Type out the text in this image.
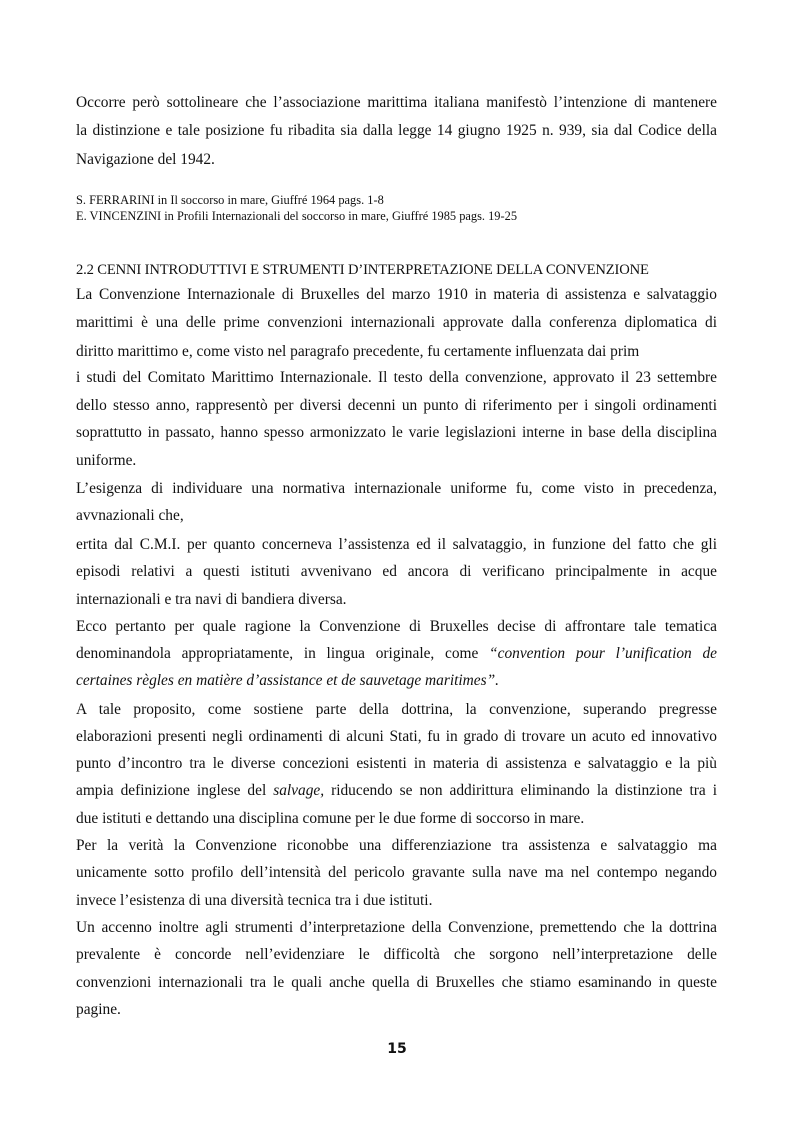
Occorre però sottolineare che l’associazione marittima italiana manifestò l’intenzione di mantenere
la distinzione e tale posizione fu ribadita sia dalla legge 14 giugno 1925 n. 939, sia dal Codice della
Navigazione del 1942.
S. FERRARINI in Il soccorso in mare, Giuffré 1964 pags. 1-8
E. VINCENZINI in Profili Internazionali del soccorso in mare, Giuffré 1985 pags. 19-25
2.2 CENNI INTRODUTTIVI E STRUMENTI D’INTERPRETAZIONE DELLA CONVENZIONE
La Convenzione Internazionale di Bruxelles del marzo 1910 in materia di assistenza e salvataggio
marittimi è una delle prime convenzioni internazionali approvate dalla conferenza diplomatica di
diritto marittimo e, come visto nel paragrafo precedente, fu certamente influenzata dai prim
i studi del Comitato Marittimo Internazionale. Il testo della convenzione, approvato il 23 settembre
dello stesso anno, rappresentò per diversi decenni un punto di riferimento per i singoli ordinamenti
soprattutto in passato, hanno spesso armonizzato le varie legislazioni interne in base della disciplina
uniforme.
L’esigenza di individuare una normativa internazionale uniforme fu, come visto in precedenza,
avvnazionali che,
ertita dal C.M.I. per quanto concerneva l’assistenza ed il salvataggio, in funzione del fatto che gli
episodi relativi a questi istituti avvenivano ed ancora di verificano principalmente in acque
internazionali e tra navi di bandiera diversa.
Ecco pertanto per quale ragione la Convenzione di Bruxelles decise di affrontare tale tematica
denominandola appropriatamente, in lingua originale, come “convention pour l’unification de
certaines règles en matière d’assistance et de sauvetage maritimes”.
A tale proposito, come sostiene parte della dottrina, la convenzione, superando pregresse
elaborazioni presenti negli ordinamenti di alcuni Stati, fu in grado di trovare un acuto ed innovativo
punto d’incontro tra le diverse concezioni esistenti in materia di assistenza e salvataggio e la più
ampia definizione inglese del salvage, riducendo se non addirittura eliminando la distinzione tra i
due istituti e dettando una disciplina comune per le due forme di soccorso in mare.
Per la verità la Convenzione riconobbe una differenziazione tra assistenza e salvataggio ma
unicamente sotto profilo dell’intensità del pericolo gravante sulla nave ma nel contempo negando
invece l’esistenza di una diversità tecnica tra i due istituti.
Un accenno inoltre agli strumenti d’interpretazione della Convenzione, premettendo che la dottrina
prevalente è concorde nell’evidenziare le difficoltà che sorgono nell’interpretazione delle
convenzioni internazionali tra le quali anche quella di Bruxelles che stiamo esaminando in queste
pagine.
15
